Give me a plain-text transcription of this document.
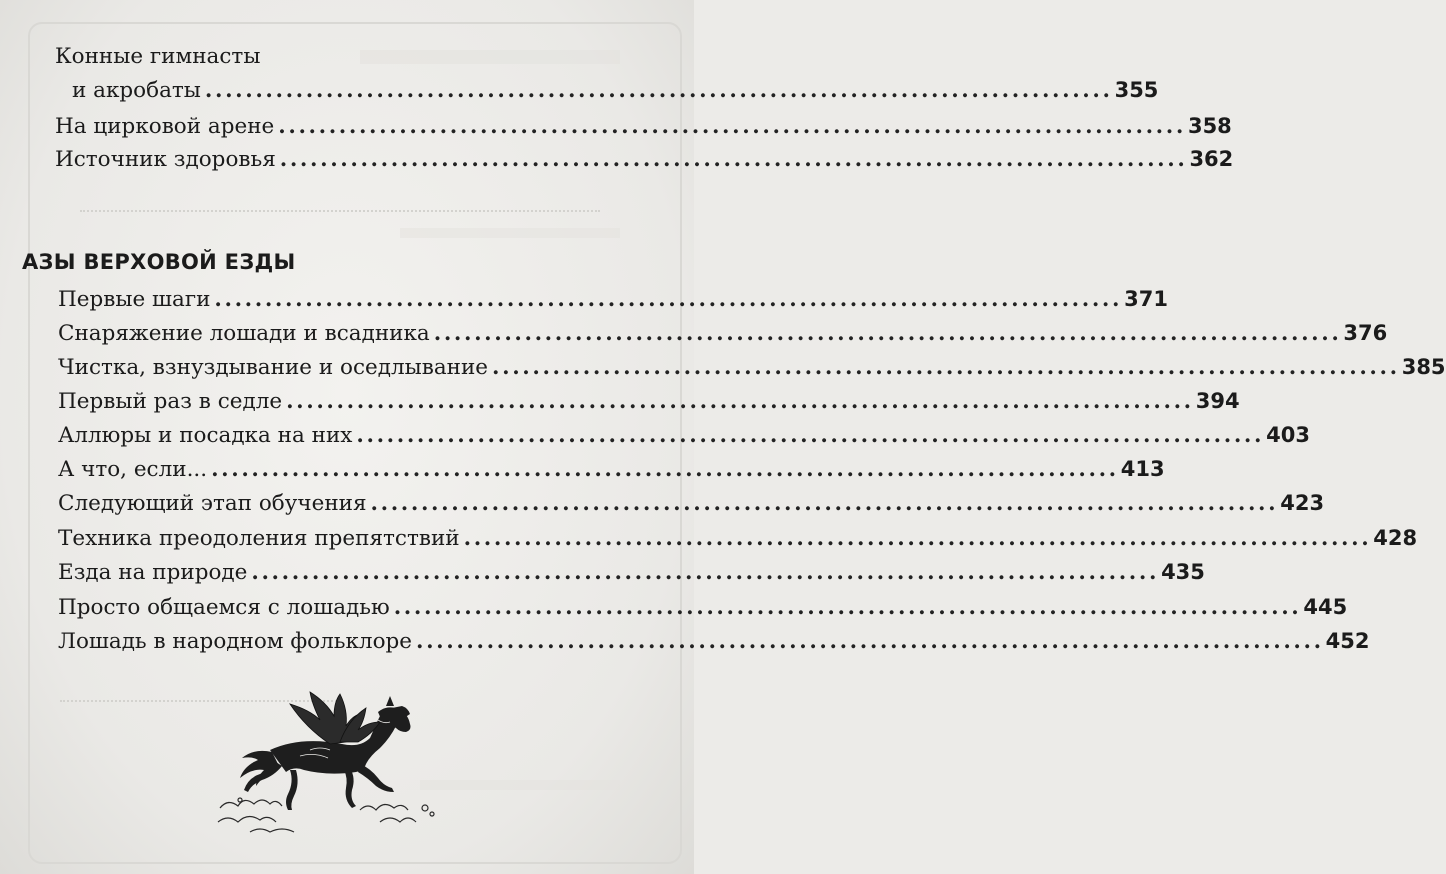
Конные гимнасты
и акробаты .......................................................................................... 355
На цирковой арене .......................................................................................... 358
Источник здоровья .......................................................................................... 362
АЗЫ ВЕРХОВОЙ ЕЗДЫ
Первые шаги .......................................................................................... 371
Снаряжение лошади и всадника .......................................................................................... 376
Чистка, взнуздывание и оседлывание .......................................................................................... 385
Первый раз в седле .......................................................................................... 394
Аллюры и посадка на них .......................................................................................... 403
А что, если... .......................................................................................... 413
Следующий этап обучения .......................................................................................... 423
Техника преодоления препятствий .......................................................................................... 428
Езда на природе .......................................................................................... 435
Просто общаемся с лошадью .......................................................................................... 445
Лошадь в народном фольклоре .......................................................................................... 452
